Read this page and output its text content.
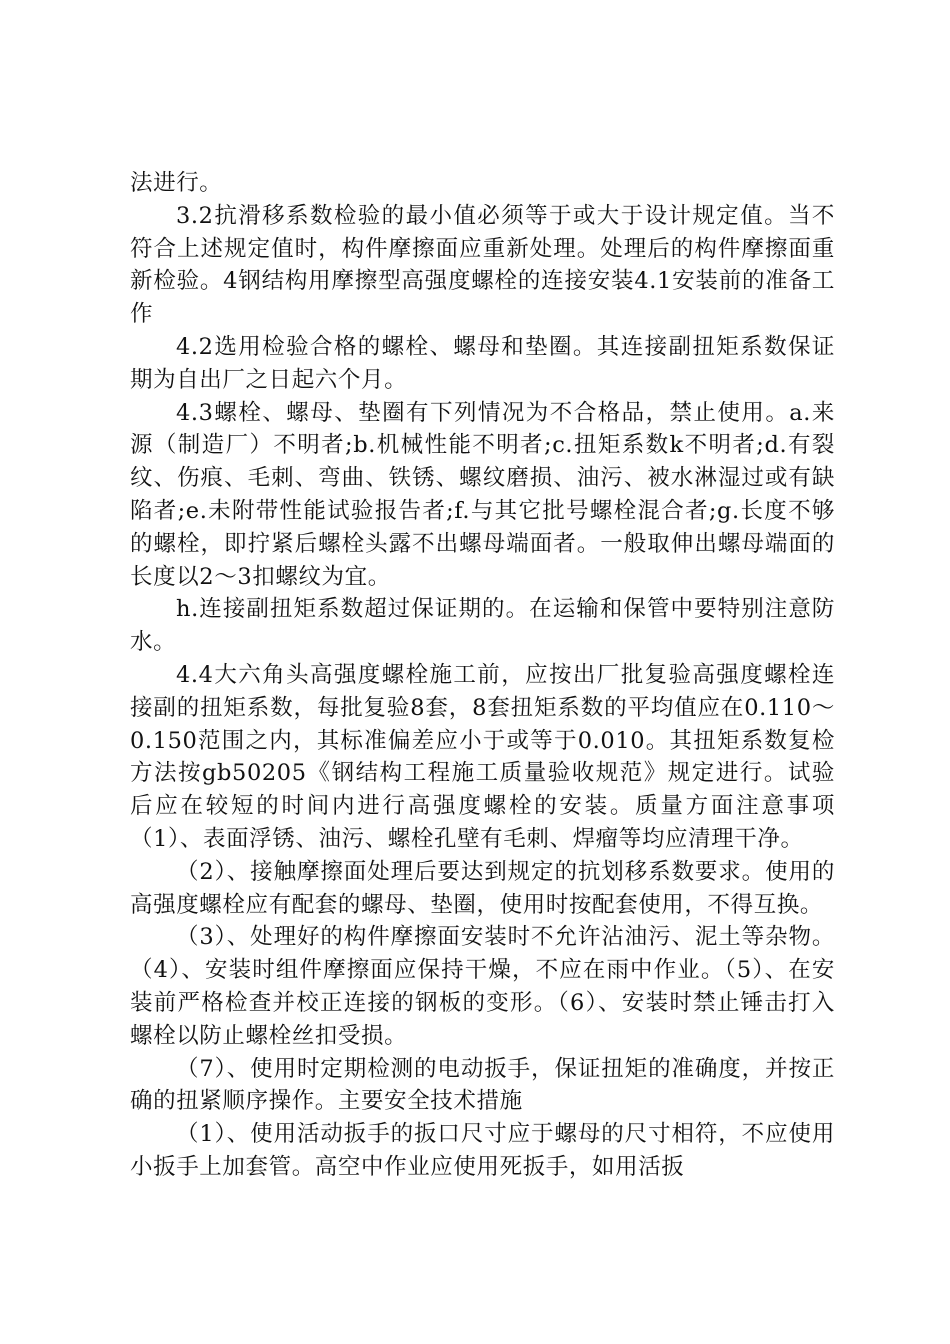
法进行。

3.2抗滑移系数检验的最小值必须等于或大于设计规定值。当不符合上述规定值时，构件摩擦面应重新处理。处理后的构件摩擦面重新检验。4钢结构用摩擦型高强度螺栓的连接安装4.1安装前的准备工作

4.2选用检验合格的螺栓、螺母和垫圈。其连接副扭矩系数保证期为自出厂之日起六个月。

4.3螺栓、螺母、垫圈有下列情况为不合格品，禁止使用。a.来源（制造厂）不明者;b.机械性能不明者;c.扭矩系数k不明者;d.有裂纹、伤痕、毛刺、弯曲、铁锈、螺纹磨损、油污、被水淋湿过或有缺陷者;e.未附带性能试验报告者;f.与其它批号螺栓混合者;g.长度不够的螺栓，即拧紧后螺栓头露不出螺母端面者。一般取伸出螺母端面的长度以2～3扣螺纹为宜。

h.连接副扭矩系数超过保证期的。在运输和保管中要特别注意防水。

4.4大六角头高强度螺栓施工前，应按出厂批复验高强度螺栓连接副的扭矩系数，每批复验8套，8套扭矩系数的平均值应在0.110～0.150范围之内，其标准偏差应小于或等于0.010。其扭矩系数复检方法按gb50205《钢结构工程施工质量验收规范》规定进行。试验后应在较短的时间内进行高强度螺栓的安装。质量方面注意事项（1）、表面浮锈、油污、螺栓孔壁有毛刺、焊瘤等均应清理干净。

（2）、接触摩擦面处理后要达到规定的抗划移系数要求。使用的高强度螺栓应有配套的螺母、垫圈，使用时按配套使用，不得互换。

（3）、处理好的构件摩擦面安装时不允许沾油污、泥土等杂物。（4）、安装时组件摩擦面应保持干燥，不应在雨中作业。（5）、在安装前严格检查并校正连接的钢板的变形。（6）、安装时禁止锤击打入螺栓以防止螺栓丝扣受损。

（7）、使用时定期检测的电动扳手，保证扭矩的准确度，并按正确的扭紧顺序操作。主要安全技术措施

（1）、使用活动扳手的扳口尺寸应于螺母的尺寸相符，不应使用小扳手上加套管。高空中作业应使用死扳手，如用活扳
